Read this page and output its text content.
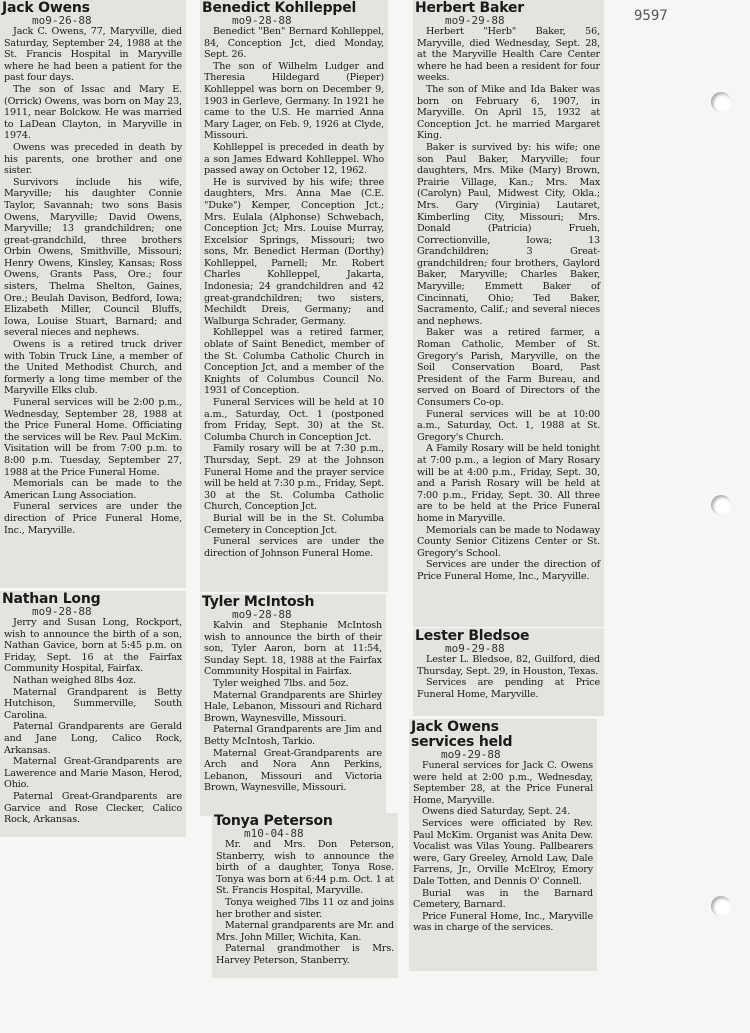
9597
Jack Owens
mo9-26-88

Jack C. Owens, 77, Maryville, died Saturday, September 24, 1988 at the St. Francis Hospital in Maryville where he had been a patient for the past four days.

The son of Issac and Mary E. (Orrick) Owens, was born on May 23, 1911, near Bolckow. He was married to LaDean Clayton, in Maryville in 1974.

Owens was preceded in death by his parents, one brother and one sister.

Survivors include his wife, Maryville; his daughter Connie Taylor, Savannah; two sons Basis Owens, Maryville; David Owens, Maryville; 13 grandchildren; one great-grandchild, three brothers Orbin Owens, Smithville, Missouri; Henry Owens, Kinsley, Kansas; Ross Owens, Grants Pass, Ore.; four sisters, Thelma Shelton, Gaines, Ore.; Beulah Davison, Bedford, Iowa; Elizabeth Miller, Council Bluffs, Iowa, Louise Stuart, Barnard; and several nieces and nephews.

Owens is a retired truck driver with Tobin Truck Line, a member of the United Methodist Church, and formerly a long time member of the Maryville Elks club.

Funeral services will be 2:00 p.m., Wednesday, September 28, 1988 at the Price Funeral Home. Officiating the services will be Rev. Paul McKim. Visitation will be from 7:00 p.m. to 8:00 p.m. Tuesday, September 27, 1988 at the Price Funeral Home.

Memorials can be made to the American Lung Association.

Funeral services are under the direction of Price Funeral Home, Inc., Maryville.

Nathan Long
mo9-28-88

Jerry and Susan Long, Rockport, wish to announce the birth of a son, Nathan Gavice, born at 5:45 p.m. on Friday, Sept. 16 at the Fairfax Community Hospital, Fairfax.

Nathan weighed 8lbs 4oz.

Maternal Grandparent is Betty Hutchison, Summerville, South Carolina.

Paternal Grandparents are Gerald and Jane Long, Calico Rock, Arkansas.

Maternal Great-Grandparents are Lawerence and Marie Mason, Herod, Ohio.

Paternal Great-Grandparents are Garvice and Rose Clecker, Calico Rock, Arkansas.

Benedict Kohlleppel
mo9-28-88

Benedict "Ben" Bernard Kohlleppel, 84, Conception Jct, died Monday, Sept. 26.

The son of Wilhelm Ludger and Theresia Hildegard (Pieper) Kohlleppel was born on December 9, 1903 in Gerleve, Germany. In 1921 he came to the U.S. He married Anna Mary Lager, on Feb. 9, 1926 at Clyde, Missouri.

Kohlleppel is preceded in death by a son James Edward Kohlleppel. Who passed away on October 12, 1962.

He is survived by his wife; three daughters, Mrs. Anna Mae (C.E. "Duke") Kemper, Conception Jct.; Mrs. Eulala (Alphonse) Schwebach, Conception Jct; Mrs. Louise Murray, Excelsior Springs, Missouri; two sons, Mr. Benedict Herman (Dorthy) Kohlleppel, Parnell; Mr. Robert Charles Kohlleppel, Jakarta, Indonesia; 24 grandchildren and 42 great-grandchildren; two sisters, Mechildt Dreis, Germany; and Walburga Schrader, Germany.

Kohlleppel was a retired farmer, oblate of Saint Benedict, member of the St. Columba Catholic Church in Conception Jct, and a member of the Knights of Columbus Council No. 1931 of Conception.

Funeral Services will be held at 10 a.m., Saturday, Oct. 1 (postponed from Friday, Sept. 30) at the St. Columba Church in Conception Jct.

Family rosary will be at 7:30 p.m., Thursday, Sept. 29 at the Johnson Funeral Home and the prayer service will be held at 7:30 p.m., Friday, Sept. 30 at the St. Columba Catholic Church, Conception Jct.

Burial will be in the St. Columba Cemetery in Conception Jct.

Funeral services are under the direction of Johnson Funeral Home.

Tyler McIntosh
mo9-28-88

Kalvin and Stephanie McIntosh wish to announce the birth of their son, Tyler Aaron, born at 11:54, Sunday Sept. 18, 1988 at the Fairfax Community Hospital in Fairfax.

Tyler weighed 7lbs. and 5oz.

Maternal Grandparents are Shirley Hale, Lebanon, Missouri and Richard Brown, Waynesville, Missouri.

Paternal Grandparents are Jim and Betty McIntosh, Tarkio.

Maternal Great-Grandparents are Arch and Nora Ann Perkins, Lebanon, Missouri and Victoria Brown, Waynesville, Missouri.

Tonya Peterson
m10-04-88

Mr. and Mrs. Don Peterson, Stanberry, wish to announce the birth of a daughter, Tonya Rose. Tonya was born at 6:44 p.m. Oct. 1 at St. Francis Hospital, Maryville.

Tonya weighed 7lbs 11 oz and joins her brother and sister.

Maternal grandparents are Mr. and Mrs. John Miller, Wichita, Kan.

Paternal grandmother is Mrs. Harvey Peterson, Stanberry.

Herbert Baker
mo9-29-88

Herbert "Herb" Baker, 56, Maryville, died Wednesday, Sept. 28, at the Maryville Health Care Center where he had been a resident for four weeks.

The son of Mike and Ida Baker was born on February 6, 1907, in Maryville. On April 15, 1932 at Conception Jct. he married Margaret King.

Baker is survived by: his wife; one son Paul Baker, Maryville; four daughters, Mrs. Mike (Mary) Brown, Prairie Village, Kan.; Mrs. Max (Carolyn) Paul, Midwest City, Okla.; Mrs. Gary (Virginia) Lautaret, Kimberling City, Missouri; Mrs. Donald (Patricia) Frueh, Correctionville, Iowa; 13 Grandchildren; 3 Great-grandchildren; four brothers, Gaylord Baker, Maryville; Charles Baker, Maryville; Emmett Baker of Cincinnati, Ohio; Ted Baker, Sacramento, Calif.; and several nieces and nephews.

Baker was a retired farmer, a Roman Catholic, Member of St. Gregory's Parish, Maryville, on the Soil Conservation Board, Past President of the Farm Bureau, and served on Board of Directors of the Consumers Co-op.

Funeral services will be at 10:00 a.m., Saturday, Oct. 1, 1988 at St. Gregory's Church.

A Family Rosary will be held tonight at 7:00 p.m., a legion of Mary Rosary will be at 4:00 p.m., Friday, Sept. 30, and a Parish Rosary will be held at 7:00 p.m., Friday, Sept. 30. All three are to be held at the Price Funeral home in Maryville.

Memorials can be made to Nodaway County Senior Citizens Center or St. Gregory's School.

Services are under the direction of Price Funeral Home, Inc., Maryville.

Lester Bledsoe
mo9-29-88

Lester L. Bledsoe, 82, Guilford, died Thursday, Sept. 29, in Houston, Texas.

Services are pending at Price Funeral Home, Maryville.

Jack Owens services held
mo9-29-88

Funeral services for Jack C. Owens were held at 2:00 p.m., Wednesday, September 28, at the Price Funeral Home, Maryville.

Owens died Saturday, Sept. 24.

Services were officiated by Rev. Paul McKim. Organist was Anita Dew. Vocalist was Vilas Young. Pallbearers were, Gary Greeley, Arnold Law, Dale Farrens, Jr., Orville McElroy, Emory Dale Totten, and Dennis O' Connell.

Burial was in the Barnard Cemetery, Barnard.

Price Funeral Home, Inc., Maryville was in charge of the services.
